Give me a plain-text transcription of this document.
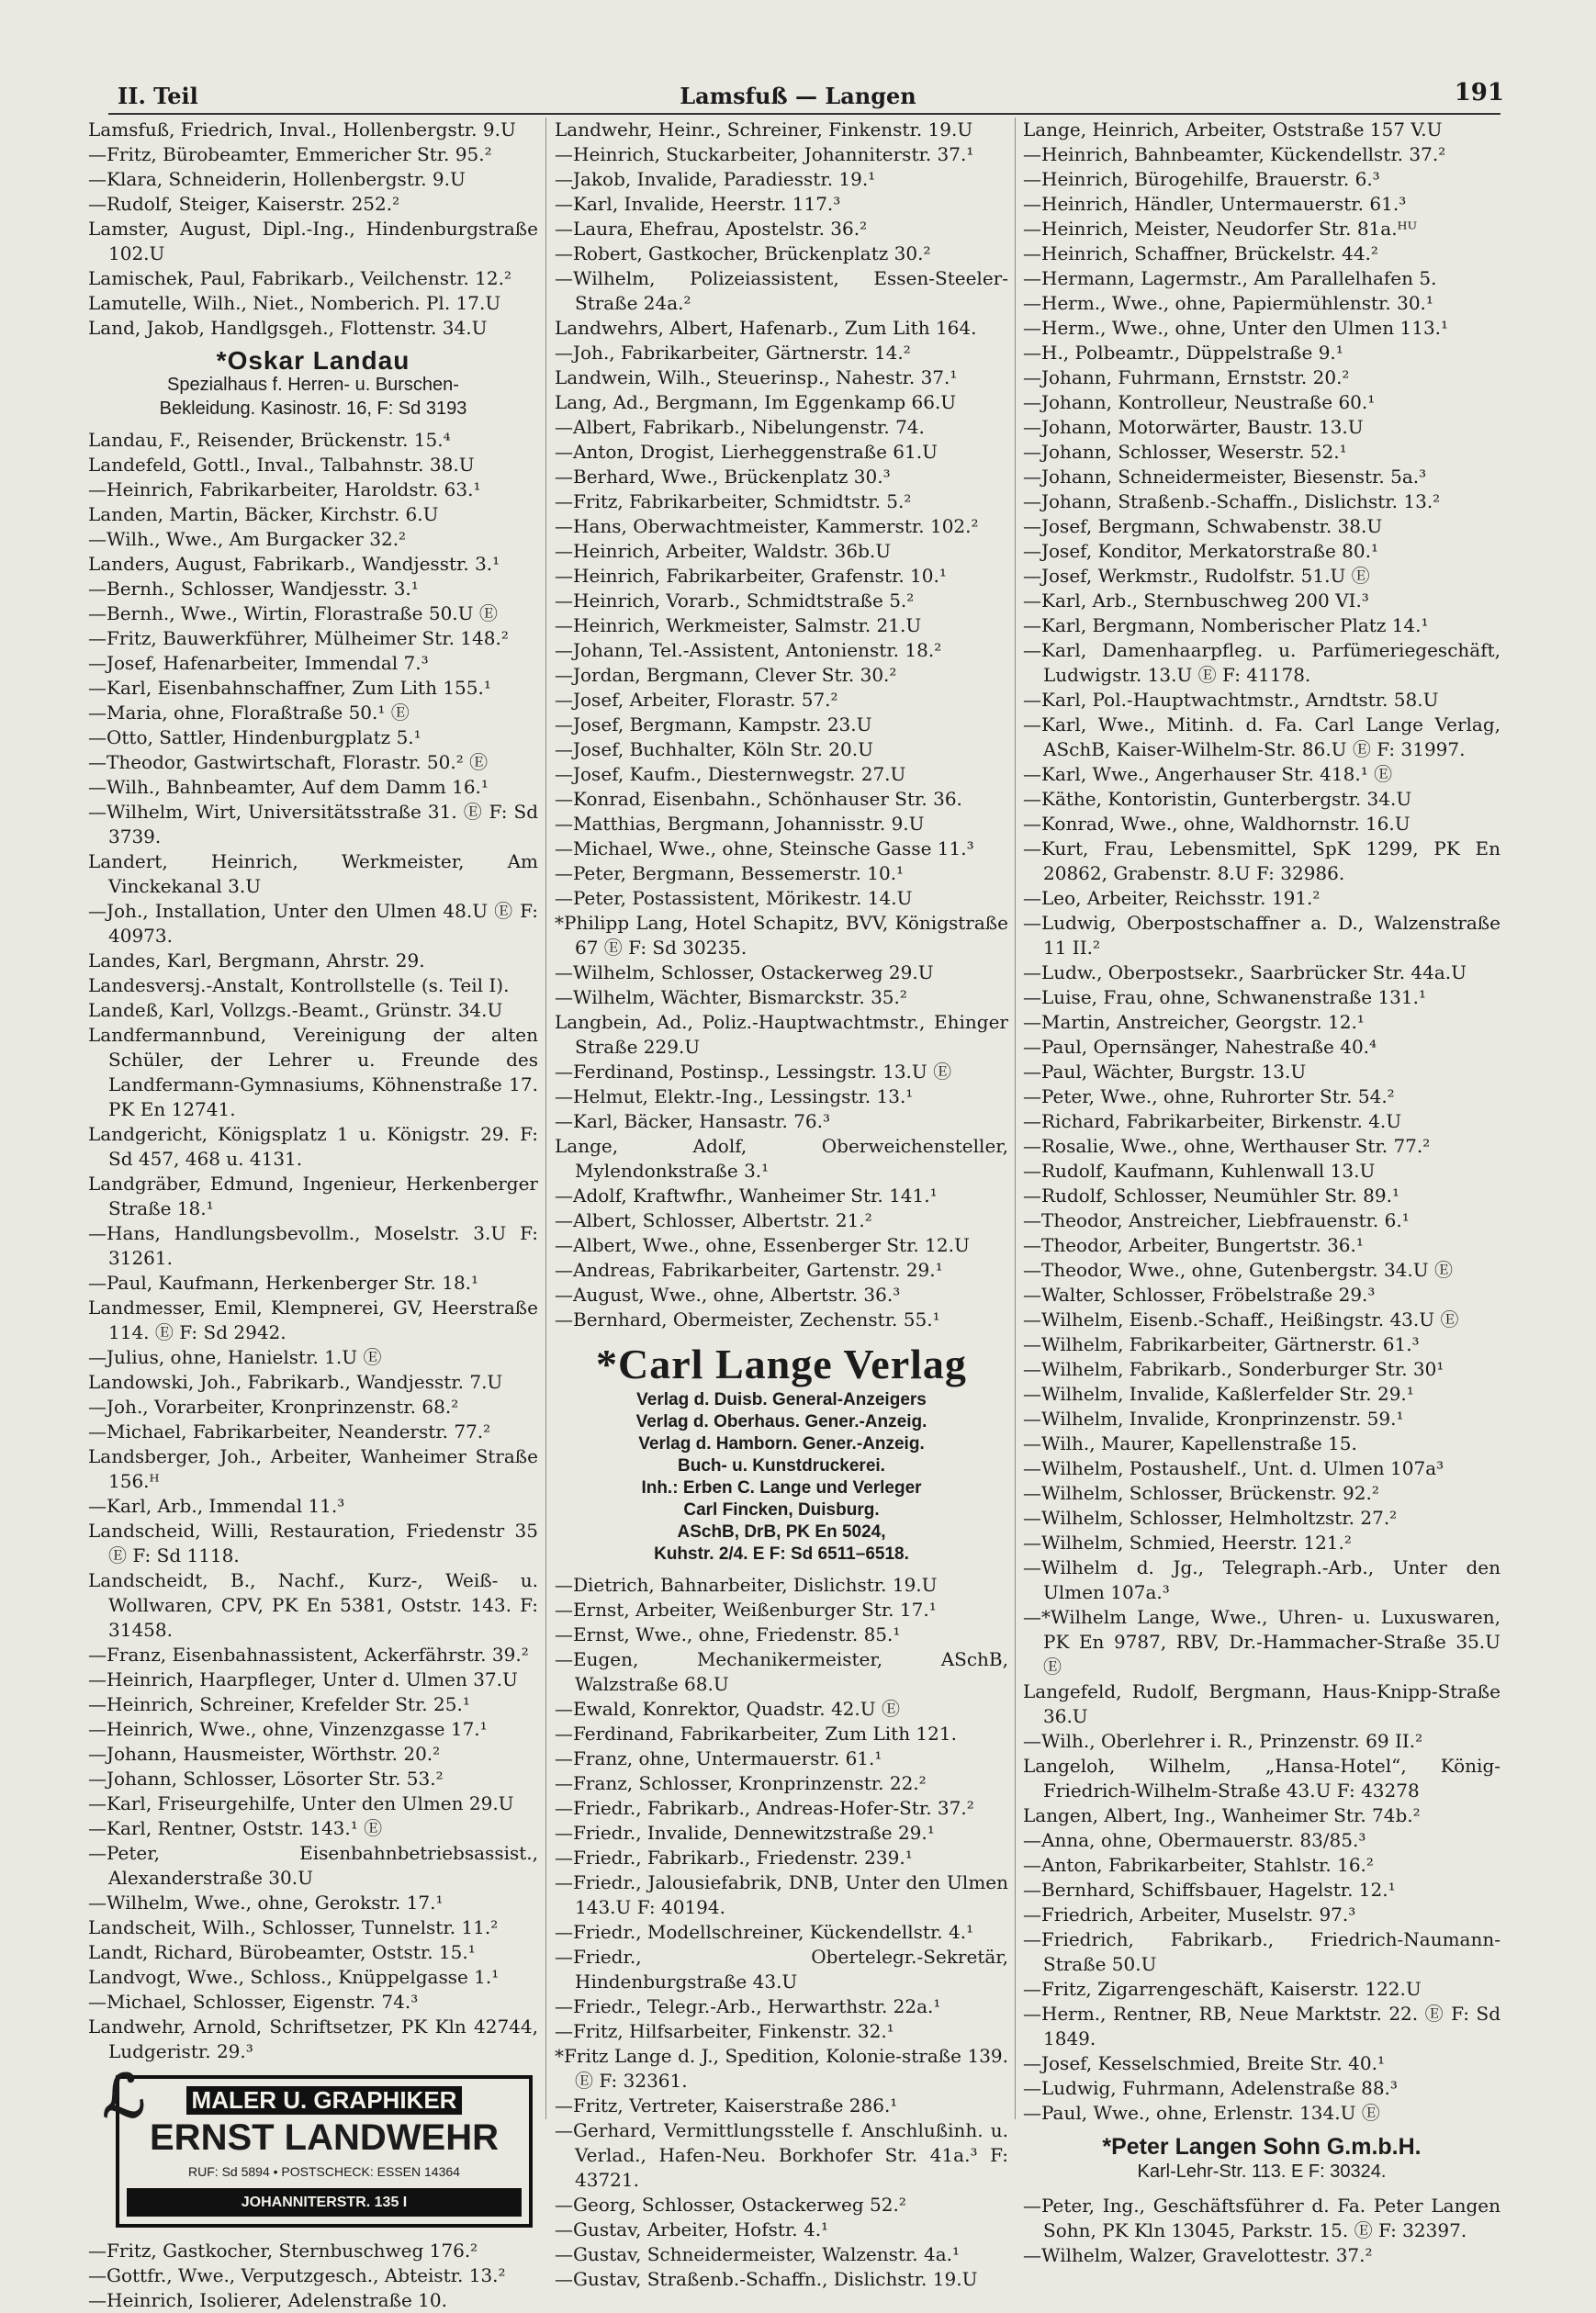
II. Teil	Lamsfuß — Langen	191
Lamsfuß, Friedrich, Inval., Hollenbergstr. 9.U
—Fritz, Bürobeamter, Emmericher Str. 95.²
—Klara, Schneiderin, Hollenbergstr. 9.U
—Rudolf, Steiger, Kaiserstr. 252.²
Lamster, August, Dipl.-Ing., Hindenburgstraße 102.U
Lamischek, Paul, Fabrikarb., Veilchenstr. 12.²
Lamutelle, Wilh., Niet., Nomberich. Pl. 17.U
Land, Jakob, Handlgsgeh., Flottenstr. 34.U
*Oskar Landau
Spezialhaus f. Herren- u. Burschen-
Bekleidung. Kasinostr. 16, F: Sd 3193
Landau, F., Reisender, Brückenstr. 15.⁴
Landefeld, Gottl., Inval., Talbahnstr. 38.U
—Heinrich, Fabrikarbeiter, Haroldstr. 63.¹
Landen, Martin, Bäcker, Kirchstr. 6.U
—Wilh., Wwe., Am Burgacker 32.²
Landers, August, Fabrikarb., Wandjesstr. 3.¹
—Bernh., Schlosser, Wandjesstr. 3.¹
—Bernh., Wwe., Wirtin, Florastraße 50.U Ⓔ
—Fritz, Bauwerkführer, Mülheimer Str. 148.²
—Josef, Hafenarbeiter, Immendal 7.³
—Karl, Eisenbahnschaffner, Zum Lith 155.¹
—Maria, ohne, Floraßtraße 50.¹ Ⓔ
—Otto, Sattler, Hindenburgplatz 5.¹
—Theodor, Gastwirtschaft, Florastr. 50.² Ⓔ
—Wilh., Bahnbeamter, Auf dem Damm 16.¹
—Wilhelm, Wirt, Universitätsstraße 31. Ⓔ F: Sd 3739.
Landert, Heinrich, Werkmeister, Am Vinckekanal 3.U
—Joh., Installation, Unter den Ulmen 48.U Ⓔ F: 40973.
Landes, Karl, Bergmann, Ahrstr. 29.
Landesversj.-Anstalt, Kontrollstelle (s. Teil I).
Landeß, Karl, Vollzgs.-Beamt., Grünstr. 34.U
Landfermannbund, Vereinigung der alten Schüler, der Lehrer u. Freunde des Landfermann-Gymnasiums, Köhnenstraße 17. PK En 12741.
Landgericht, Königsplatz 1 u. Königstr. 29. F: Sd 457, 468 u. 4131.
Landgräber, Edmund, Ingenieur, Herkenberger Straße 18.¹
—Hans, Handlungsbevollm., Moselstr. 3.U F: 31261.
—Paul, Kaufmann, Herkenberger Str. 18.¹
Landmesser, Emil, Klempnerei, GV, Heerstraße 114. Ⓔ F: Sd 2942.
—Julius, ohne, Hanielstr. 1.U Ⓔ
Landowski, Joh., Fabrikarb., Wandjesstr. 7.U
—Joh., Vorarbeiter, Kronprinzenstr. 68.²
—Michael, Fabrikarbeiter, Neanderstr. 77.²
Landsberger, Joh., Arbeiter, Wanheimer Straße 156.ᴴ
—Karl, Arb., Immendal 11.³
Landscheid, Willi, Restauration, Friedenstr 35 Ⓔ F: Sd 1118.
Landscheidt, B., Nachf., Kurz-, Weiß- u. Wollwaren, CPV, PK En 5381, Oststr. 143. F: 31458.
—Franz, Eisenbahnassistent, Ackerfährstr. 39.²
—Heinrich, Haarpfleger, Unter d. Ulmen 37.U
—Heinrich, Schreiner, Krefelder Str. 25.¹
—Heinrich, Wwe., ohne, Vinzenzgasse 17.¹
—Johann, Hausmeister, Wörthstr. 20.²
—Johann, Schlosser, Lösorter Str. 53.²
—Karl, Friseurgehilfe, Unter den Ulmen 29.U
—Karl, Rentner, Oststr. 143.¹ Ⓔ
—Peter, Eisenbahnbetriebsassist., Alexanderstraße 30.U
—Wilhelm, Wwe., ohne, Gerokstr. 17.¹
Landscheit, Wilh., Schlosser, Tunnelstr. 11.²
Landt, Richard, Bürobeamter, Oststr. 15.¹
Landvogt, Wwe., Schloss., Knüppelgasse 1.¹
—Michael, Schlosser, Eigenstr. 74.³
Landwehr, Arnold, Schriftsetzer, PK Kln 42744, Ludgeristr. 29.³
ℒ MALER U. GRAPHIKER
ERNST LANDWEHR
RUF: Sd 5894 • POSTSCHECK: ESSEN 14364
JOHANNITERSTR. 135 I
—Fritz, Gastkocher, Sternbuschweg 176.²
—Gottfr., Wwe., Verputzgesch., Abteistr. 13.²
—Heinrich, Isolierer, Adelenstraße 10.
Landwehr, Heinr., Schreiner, Finkenstr. 19.U
—Heinrich, Stuckarbeiter, Johanniterstr. 37.¹
—Jakob, Invalide, Paradiesstr. 19.¹
—Karl, Invalide, Heerstr. 117.³
—Laura, Ehefrau, Apostelstr. 36.²
—Robert, Gastkocher, Brückenplatz 30.²
—Wilhelm, Polizeiassistent, Essen-Steeler-Straße 24a.²
Landwehrs, Albert, Hafenarb., Zum Lith 164.
—Joh., Fabrikarbeiter, Gärtnerstr. 14.²
Landwein, Wilh., Steuerinsp., Nahestr. 37.¹
Lang, Ad., Bergmann, Im Eggenkamp 66.U
—Albert, Fabrikarb., Nibelungenstr. 74.
—Anton, Drogist, Lierheggenstraße 61.U
—Berhard, Wwe., Brückenplatz 30.³
—Fritz, Fabrikarbeiter, Schmidtstr. 5.²
—Hans, Oberwachtmeister, Kammerstr. 102.²
—Heinrich, Arbeiter, Waldstr. 36b.U
—Heinrich, Fabrikarbeiter, Grafenstr. 10.¹
—Heinrich, Vorarb., Schmidtstraße 5.²
—Heinrich, Werkmeister, Salmstr. 21.U
—Johann, Tel.-Assistent, Antonienstr. 18.²
—Jordan, Bergmann, Clever Str. 30.²
—Josef, Arbeiter, Florastr. 57.²
—Josef, Bergmann, Kampstr. 23.U
—Josef, Buchhalter, Köln Str. 20.U
—Josef, Kaufm., Diesternwegstr. 27.U
—Konrad, Eisenbahn., Schönhauser Str. 36.
—Matthias, Bergmann, Johannisstr. 9.U
—Michael, Wwe., ohne, Steinsche Gasse 11.³
—Peter, Bergmann, Bessemerstr. 10.¹
—Peter, Postassistent, Mörikestr. 14.U
*Philipp Lang, Hotel Schapitz, BVV, Königstraße 67 Ⓔ F: Sd 30235.
—Wilhelm, Schlosser, Ostackerweg 29.U
—Wilhelm, Wächter, Bismarckstr. 35.²
Langbein, Ad., Poliz.-Hauptwachtmstr., Ehinger Straße 229.U
—Ferdinand, Postinsp., Lessingstr. 13.U Ⓔ
—Helmut, Elektr.-Ing., Lessingstr. 13.¹
—Karl, Bäcker, Hansastr. 76.³
Lange, Adolf, Oberweichensteller, Mylendonkstraße 3.¹
—Adolf, Kraftwfhr., Wanheimer Str. 141.¹
—Albert, Schlosser, Albertstr. 21.²
—Albert, Wwe., ohne, Essenberger Str. 12.U
—Andreas, Fabrikarbeiter, Gartenstr. 29.¹
—August, Wwe., ohne, Albertstr. 36.³
—Bernhard, Obermeister, Zechenstr. 55.¹
*Carl Lange Verlag
Verlag d. Duisb. General-Anzeigers
Verlag d. Oberhaus. Gener.-Anzeig.
Verlag d. Hamborn. Gener.-Anzeig.
Buch- u. Kunstdruckerei.
Inh.: Erben C. Lange und Verleger
Carl Fincken, Duisburg.
ASchB, DrB, PK En 5024,
Kuhstr. 2/4. E F: Sd 6511–6518.
—Dietrich, Bahnarbeiter, Dislichstr. 19.U
—Ernst, Arbeiter, Weißenburger Str. 17.¹
—Ernst, Wwe., ohne, Friedenstr. 85.¹
—Eugen, Mechanikermeister, ASchB, Walzstraße 68.U
—Ewald, Konrektor, Quadstr. 42.U Ⓔ
—Ferdinand, Fabrikarbeiter, Zum Lith 121.
—Franz, ohne, Untermauerstr. 61.¹
—Franz, Schlosser, Kronprinzenstr. 22.²
—Friedr., Fabrikarb., Andreas-Hofer-Str. 37.²
—Friedr., Invalide, Dennewitzstraße 29.¹
—Friedr., Fabrikarb., Friedenstr. 239.¹
—Friedr., Jalousiefabrik, DNB, Unter den Ulmen 143.U F: 40194.
—Friedr., Modellschreiner, Kückendellstr. 4.¹
—Friedr., Obertelegr.-Sekretär, Hindenburgstraße 43.U
—Friedr., Telegr.-Arb., Herwarthstr. 22a.¹
—Fritz, Hilfsarbeiter, Finkenstr. 32.¹
*Fritz Lange d. J., Spedition, Kolonie-straße 139. Ⓔ F: 32361.
—Fritz, Vertreter, Kaiserstraße 286.¹
—Gerhard, Vermittlungsstelle f. Anschlußinh. u. Verlad., Hafen-Neu. Borkhofer Str. 41a.³ F: 43721.
—Georg, Schlosser, Ostackerweg 52.²
—Gustav, Arbeiter, Hofstr. 4.¹
—Gustav, Schneidermeister, Walzenstr. 4a.¹
—Gustav, Straßenb.-Schaffn., Dislichstr. 19.U
Lange, Heinrich, Arbeiter, Oststraße 157 V.U
—Heinrich, Bahnbeamter, Kückendellstr. 37.²
—Heinrich, Bürogehilfe, Brauerstr. 6.³
—Heinrich, Händler, Untermauerstr. 61.³
—Heinrich, Meister, Neudorfer Str. 81a.ᴴᵁ
—Heinrich, Schaffner, Brückelstr. 44.²
—Hermann, Lagermstr., Am Parallelhafen 5.
—Herm., Wwe., ohne, Papiermühlenstr. 30.¹
—Herm., Wwe., ohne, Unter den Ulmen 113.¹
—H., Polbeamtr., Düppelstraße 9.¹
—Johann, Fuhrmann, Ernststr. 20.²
—Johann, Kontrolleur, Neustraße 60.¹
—Johann, Motorwärter, Baustr. 13.U
—Johann, Schlosser, Weserstr. 52.¹
—Johann, Schneidermeister, Biesenstr. 5a.³
—Johann, Straßenb.-Schaffn., Dislichstr. 13.²
—Josef, Bergmann, Schwabenstr. 38.U
—Josef, Konditor, Merkatorstraße 80.¹
—Josef, Werkmstr., Rudolfstr. 51.U Ⓔ
—Karl, Arb., Sternbuschweg 200 VI.³
—Karl, Bergmann, Nomberischer Platz 14.¹
—Karl, Damenhaarpfleg. u. Parfümeriegeschäft, Ludwigstr. 13.U Ⓔ F: 41178.
—Karl, Pol.-Hauptwachtmstr., Arndtstr. 58.U
—Karl, Wwe., Mitinh. d. Fa. Carl Lange Verlag, ASchB, Kaiser-Wilhelm-Str. 86.U Ⓔ F: 31997.
—Karl, Wwe., Angerhauser Str. 418.¹ Ⓔ
—Käthe, Kontoristin, Gunterbergstr. 34.U
—Konrad, Wwe., ohne, Waldhornstr. 16.U
—Kurt, Frau, Lebensmittel, SpK 1299, PK En 20862, Grabenstr. 8.U F: 32986.
—Leo, Arbeiter, Reichsstr. 191.²
—Ludwig, Oberpostschaffner a. D., Walzenstraße 11 II.²
—Ludw., Oberpostsekr., Saarbrücker Str. 44a.U
—Luise, Frau, ohne, Schwanenstraße 131.¹
—Martin, Anstreicher, Georgstr. 12.¹
—Paul, Opernsänger, Nahestraße 40.⁴
—Paul, Wächter, Burgstr. 13.U
—Peter, Wwe., ohne, Ruhrorter Str. 54.²
—Richard, Fabrikarbeiter, Birkenstr. 4.U
—Rosalie, Wwe., ohne, Werthauser Str. 77.²
—Rudolf, Kaufmann, Kuhlenwall 13.U
—Rudolf, Schlosser, Neumühler Str. 89.¹
—Theodor, Anstreicher, Liebfrauenstr. 6.¹
—Theodor, Arbeiter, Bungertstr. 36.¹
—Theodor, Wwe., ohne, Gutenbergstr. 34.U Ⓔ
—Walter, Schlosser, Fröbelstraße 29.³
—Wilhelm, Eisenb.-Schaff., Heißingstr. 43.U Ⓔ
—Wilhelm, Fabrikarbeiter, Gärtnerstr. 61.³
—Wilhelm, Fabrikarb., Sonderburger Str. 30¹
—Wilhelm, Invalide, Kaßlerfelder Str. 29.¹
—Wilhelm, Invalide, Kronprinzenstr. 59.¹
—Wilh., Maurer, Kapellenstraße 15.
—Wilhelm, Postaushelf., Unt. d. Ulmen 107a³
—Wilhelm, Schlosser, Brückenstr. 92.²
—Wilhelm, Schlosser, Helmholtzstr. 27.²
—Wilhelm, Schmied, Heerstr. 121.²
—Wilhelm d. Jg., Telegraph.-Arb., Unter den Ulmen 107a.³
—*Wilhelm Lange, Wwe., Uhren- u. Luxuswaren, PK En 9787, RBV, Dr.-Hammacher-Straße 35.U Ⓔ
Langefeld, Rudolf, Bergmann, Haus-Knipp-Straße 36.U
—Wilh., Oberlehrer i. R., Prinzenstr. 69 II.²
Langeloh, Wilhelm, „Hansa-Hotel“, König-Friedrich-Wilhelm-Straße 43.U F: 43278
Langen, Albert, Ing., Wanheimer Str. 74b.²
—Anna, ohne, Obermauerstr. 83/85.³
—Anton, Fabrikarbeiter, Stahlstr. 16.²
—Bernhard, Schiffsbauer, Hagelstr. 12.¹
—Friedrich, Arbeiter, Muselstr. 97.³
—Friedrich, Fabrikarb., Friedrich-Naumann-Straße 50.U
—Fritz, Zigarrengeschäft, Kaiserstr. 122.U
—Herm., Rentner, RB, Neue Marktstr. 22. Ⓔ F: Sd 1849.
—Josef, Kesselschmied, Breite Str. 40.¹
—Ludwig, Fuhrmann, Adelenstraße 88.³
—Paul, Wwe., ohne, Erlenstr. 134.U Ⓔ
*Peter Langen Sohn G.m.b.H.
Karl-Lehr-Str. 113. E F: 30324.
—Peter, Ing., Geschäftsführer d. Fa. Peter Langen Sohn, PK Kln 13045, Parkstr. 15. Ⓔ F: 32397.
—Wilhelm, Walzer, Gravelottestr. 37.²
